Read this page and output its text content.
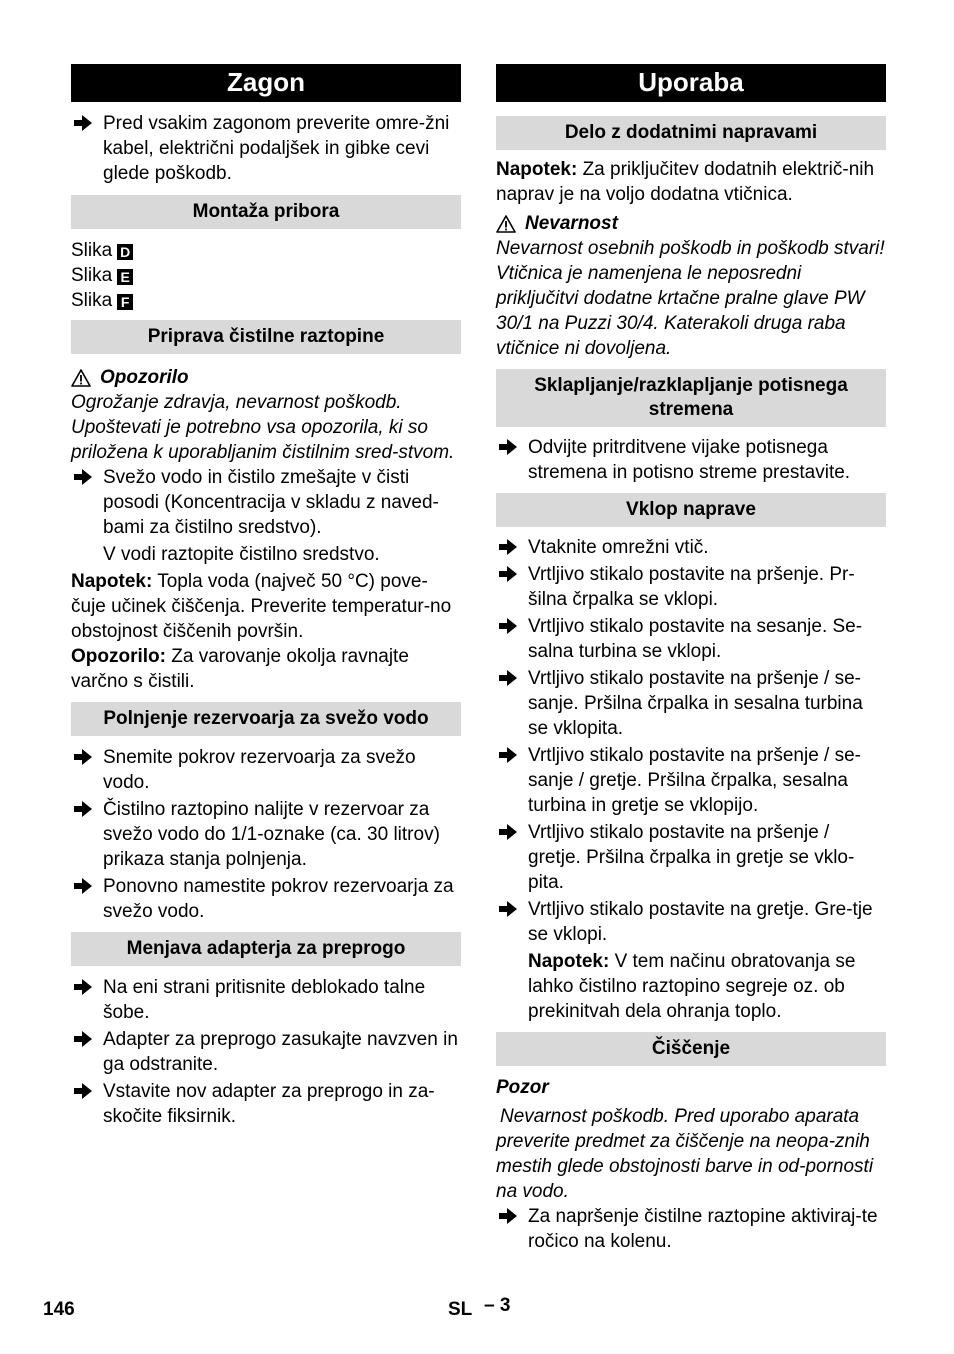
Zagon
Pred vsakim zagonom preverite omre-žni kabel, električni podaljšek in gibke cevi glede poškodb.
Montaža pribora
Slika D
Slika E
Slika F
Priprava čistilne raztopine
Opozorilo
Ogrožanje zdravja, nevarnost poškodb. Upoštevati je potrebno vsa opozorila, ki so priložena k uporabljanim čistilnim sred-stvom.
Svežo vodo in čistilo zmešajte v čisti posodi (Koncentracija v skladu z naved-bami za čistilno sredstvo).
V vodi raztopite čistilno sredstvo.
Napotek: Topla voda (največ 50 °C) pove-čuje učinek čiščenja. Preverite temperatur-no obstojnost čiščenih površin.
Opozorilo: Za varovanje okolja ravnajte varčno s čistili.
Polnjenje rezervoarja za svežo vodo
Snemite pokrov rezervoarja za svežo vodo.
Čistilno raztopino nalijte v rezervoar za svežo vodo do 1/1-oznake (ca. 30 litrov) prikaza stanja polnjenja.
Ponovno namestite pokrov rezervoarja za svežo vodo.
Menjava adapterja za preprogo
Na eni strani pritisnite deblokado talne šobe.
Adapter za preprogo zasukajte navzven in ga odstranite.
Vstavite nov adapter za preprogo in za-skočite fiksirnik.
Uporaba
Delo z dodatnimi napravami
Napotek: Za priključitev dodatnih električ-nih naprav je na voljo dodatna vtičnica.
Nevarnost
Nevarnost osebnih poškodb in poškodb stvari! Vtičnica je namenjena le neposredni priključitvi dodatne krtačne pralne glave PW 30/1 na Puzzi 30/4. Katerakoli druga raba vtičnice ni dovoljena.
Sklapljanje/razklapljanje potisnega stremena
Odvijte pritrditvene vijake potisnega stremena in potisno streme prestavite.
Vklop naprave
Vtaknite omrežni vtič.
Vrtljivo stikalo postavite na pršenje. Pr-šilna črpalka se vklopi.
Vrtljivo stikalo postavite na sesanje. Se-salna turbina se vklopi.
Vrtljivo stikalo postavite na pršenje / se-sanje. Pršilna črpalka in sesalna turbina se vklopita.
Vrtljivo stikalo postavite na pršenje / se-sanje / gretje. Pršilna črpalka, sesalna turbina in gretje se vklopijo.
Vrtljivo stikalo postavite na pršenje / gretje. Pršilna črpalka in gretje se vklo-pita.
Vrtljivo stikalo postavite na gretje. Gre-tje se vklopi.
Napotek: V tem načinu obratovanja se lahko čistilno raztopino segreje oz. ob prekinitvah dela ohranja toplo.
Čiščenje
Pozor
Nevarnost poškodb. Pred uporabo aparata preverite predmet za čiščenje na neopa-znih mestih glede obstojnosti barve in od-pornosti na vodo.
Za napršenje čistilne raztopine aktiviraj-te ročico na kolenu.
146	SL – 3
